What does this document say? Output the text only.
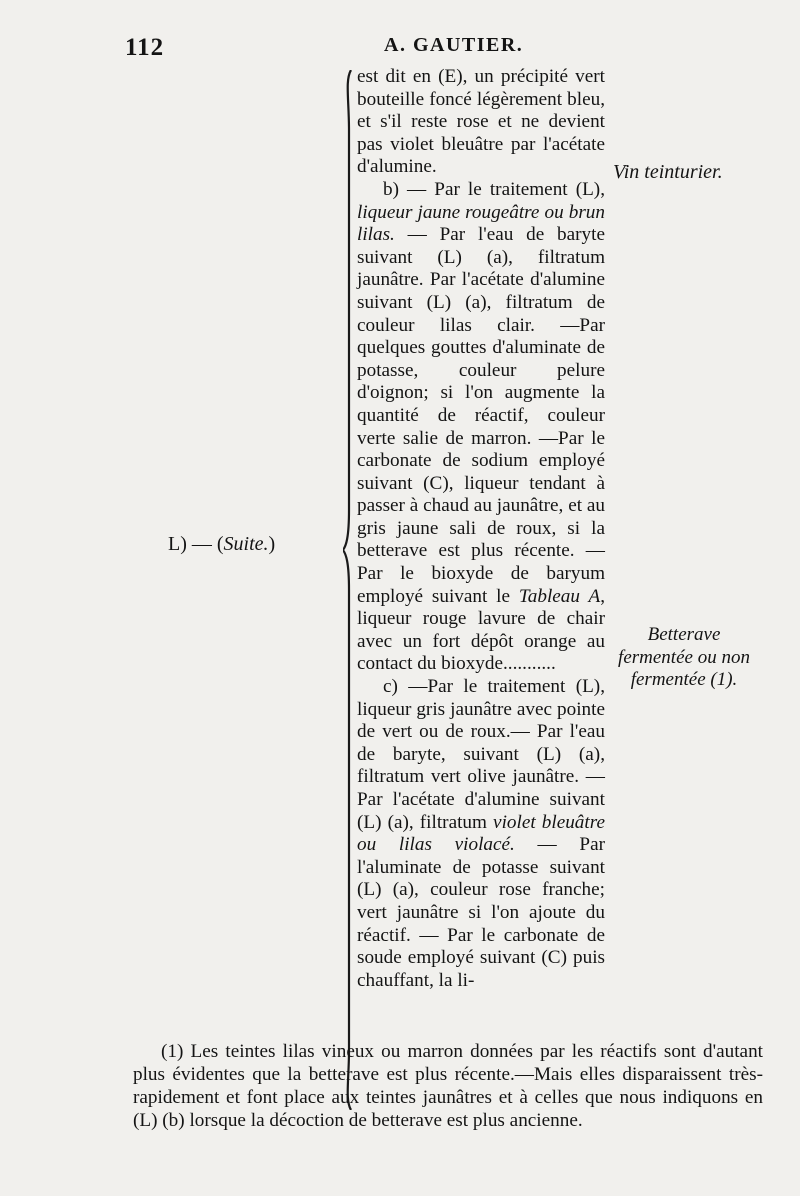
112	A. GAUTIER.
L) — (Suite.)

est dit en (E), un précipité vert bouteille foncé légèrement bleu, et s'il reste rose et ne devient pas violet bleuâtre par l'acétate d'alumine.

b) — Par le traitement (L), liqueur jaune rougeâtre ou brun lilas. — Par l'eau de baryte suivant (L) (a), filtratum jaunâtre. Par l'acétate d'alumine suivant (L) (a), filtratum de couleur lilas clair. —Par quelques gouttes d'aluminate de potasse, couleur pelure d'oignon; si l'on augmente la quantité de réactif, couleur verte salie de marron. —Par le carbonate de sodium employé suivant (C), liqueur tendant à passer à chaud au jaunâtre, et au gris jaune sali de roux, si la betterave est plus récente. — Par le bioxyde de baryum employé suivant le Tableau A, liqueur rouge lavure de chair avec un fort dépôt orange au contact du bioxyde...........

c) —Par le traitement (L), liqueur gris jaunâtre avec pointe de vert ou de roux.— Par l'eau de baryte, suivant (L) (a), filtratum vert olive jaunâtre. — Par l'acétate d'alumine suivant (L) (a), filtratum violet bleuâtre ou lilas violacé. — Par l'aluminate de potasse suivant (L) (a), couleur rose franche; vert jaunâtre si l'on ajoute du réactif. — Par le carbonate de soude employé suivant (C) puis chauffant, la li-

Vin teinturier.
Betterave
fermentée ou non
fermentée (1).

(1) Les teintes lilas vineux ou marron données par les réactifs sont d'autant plus évidentes que la betterave est plus récente.—Mais elles disparaissent très-rapidement et font place aux teintes jaunâtres et à celles que nous indiquons en (L) (b) lorsque la décoction de betterave est plus ancienne.
